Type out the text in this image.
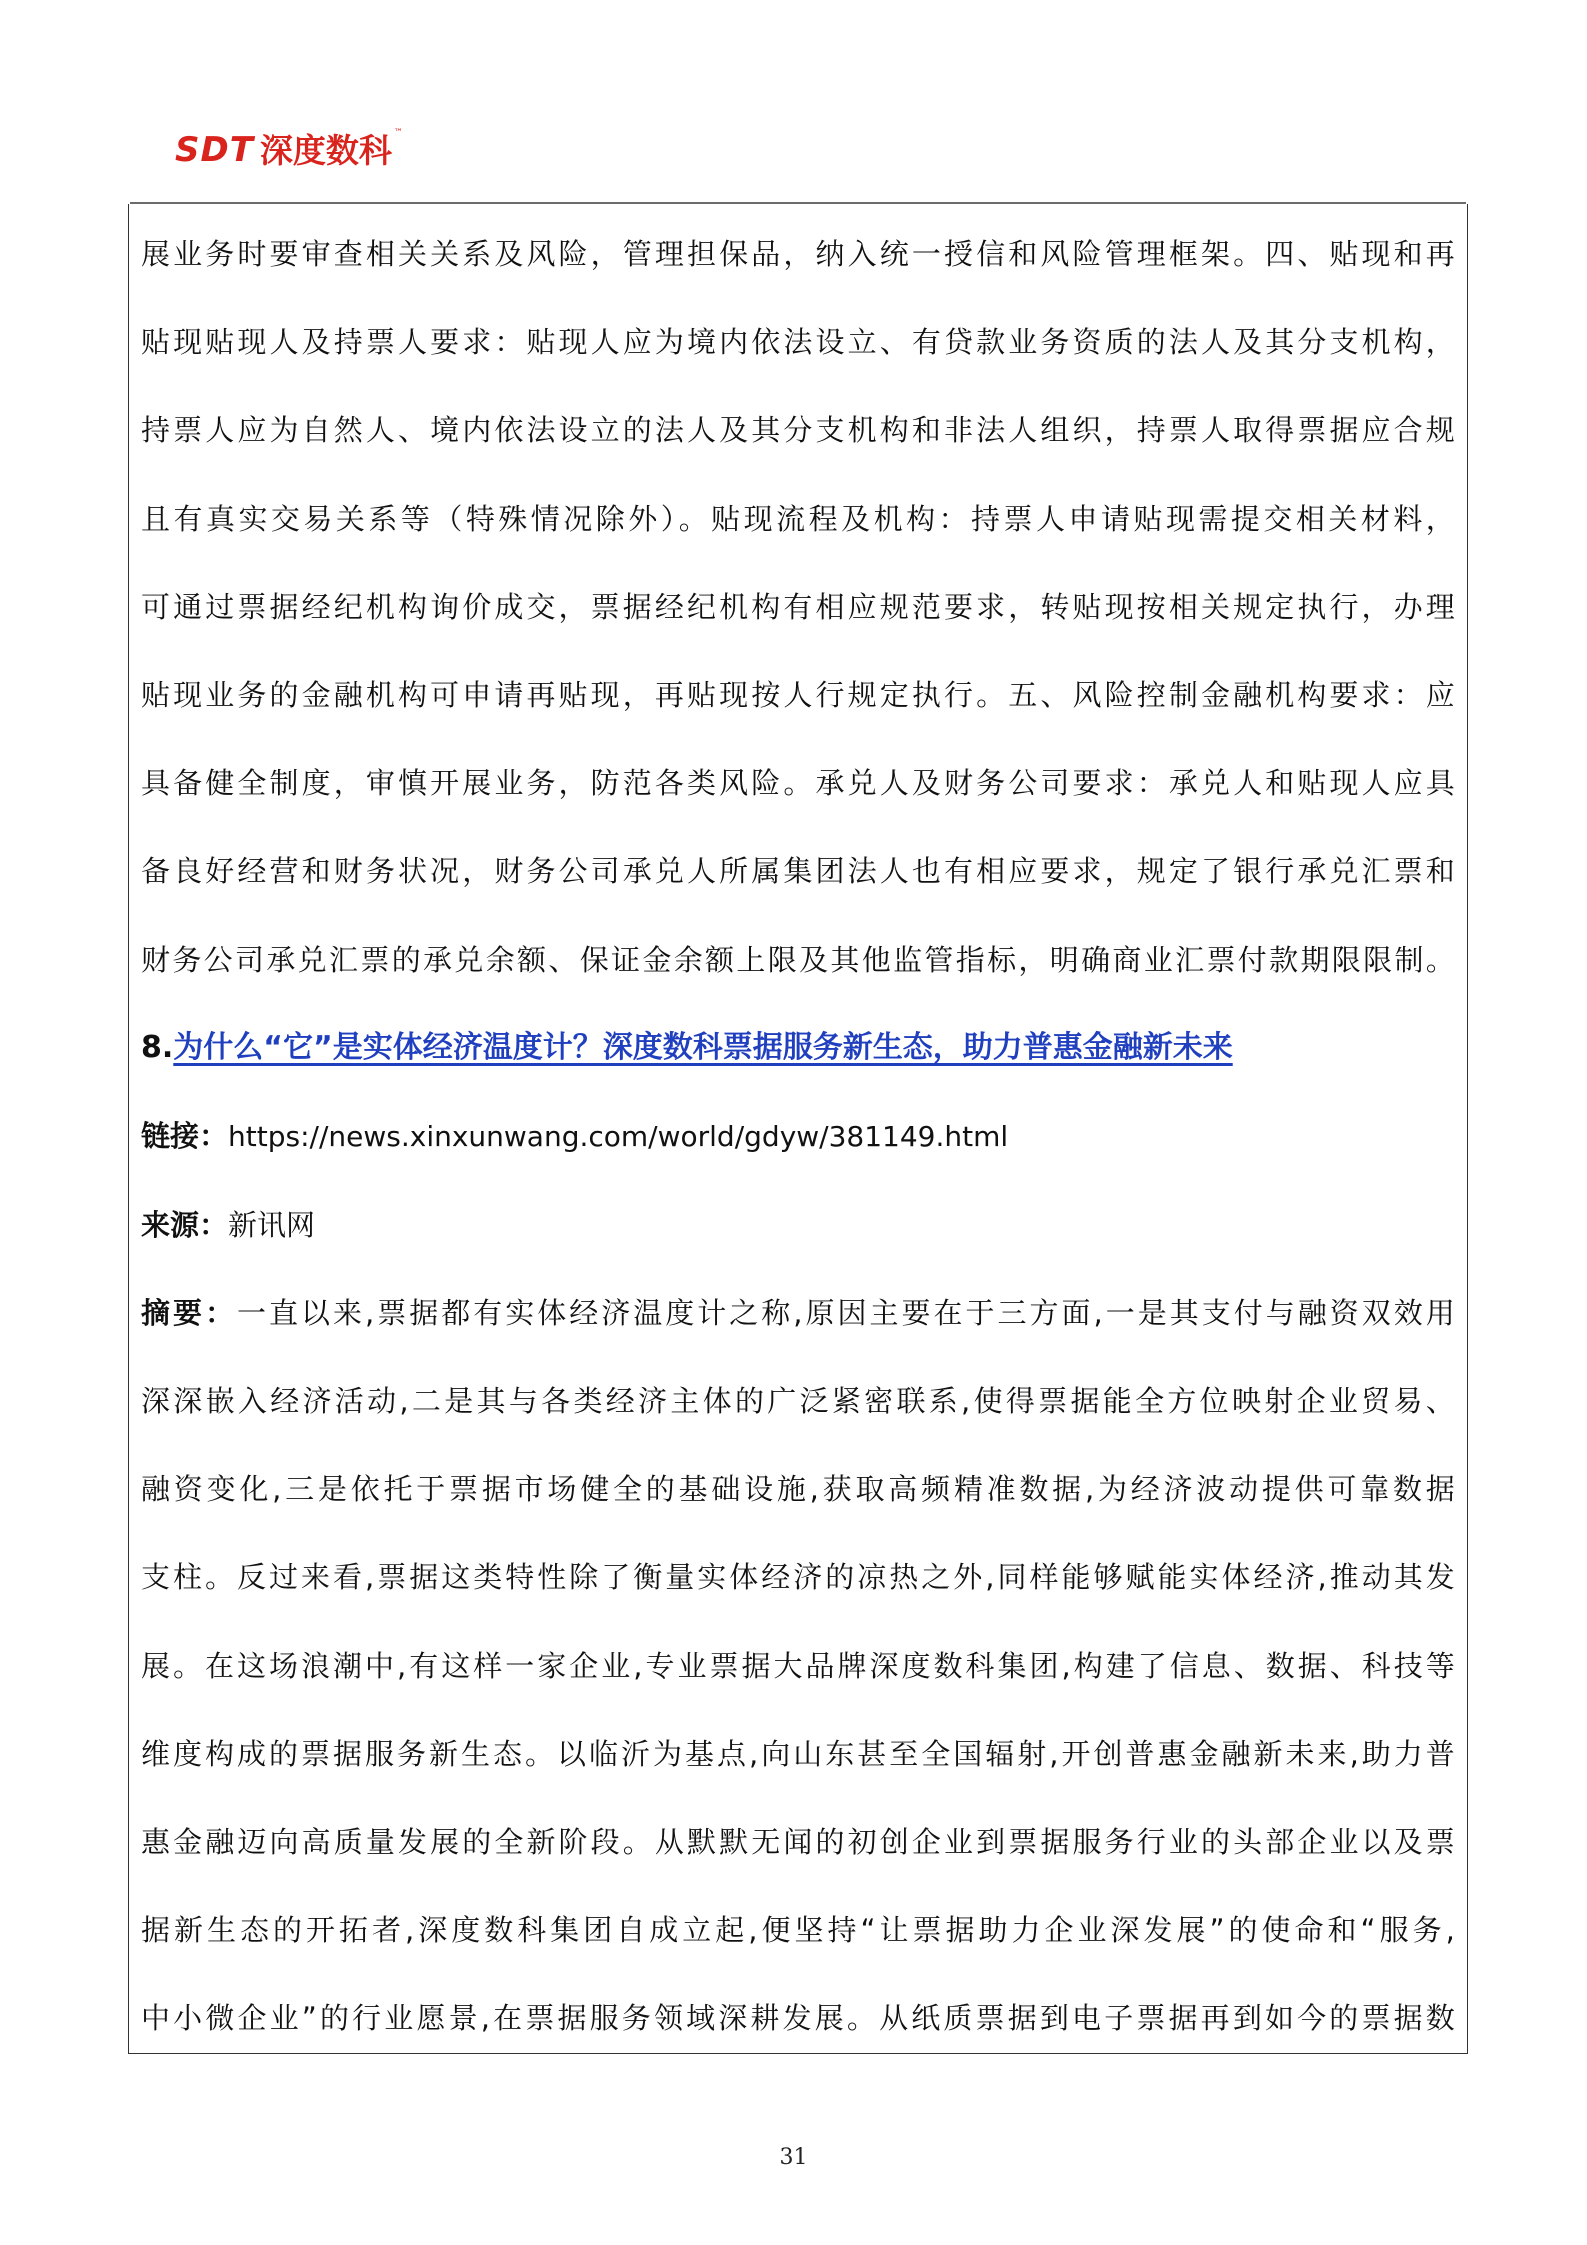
SDT 深度数科 ™

展业务时要审查相关关系及风险，管理担保品，纳入统一授信和风险管理框架。四、贴现和再

贴现贴现人及持票人要求：贴现人应为境内依法设立、有贷款业务资质的法人及其分支机构，

持票人应为自然人、境内依法设立的法人及其分支机构和非法人组织，持票人取得票据应合规

且有真实交易关系等（特殊情况除外）。贴现流程及机构：持票人申请贴现需提交相关材料，

可通过票据经纪机构询价成交，票据经纪机构有相应规范要求，转贴现按相关规定执行，办理

贴现业务的金融机构可申请再贴现，再贴现按人行规定执行。五、风险控制金融机构要求：应

具备健全制度，审慎开展业务，防范各类风险。承兑人及财务公司要求：承兑人和贴现人应具

备良好经营和财务状况，财务公司承兑人所属集团法人也有相应要求，规定了银行承兑汇票和

财务公司承兑汇票的承兑余额、保证金余额上限及其他监管指标，明确商业汇票付款期限限制。

8.为什么“它”是实体经济温度计？深度数科票据服务新生态，助力普惠金融新未来

链接：https://news.xinxunwang.com/world/gdyw/381149.html

来源：新讯网

摘要：一直以来,票据都有实体经济温度计之称,原因主要在于三方面,一是其支付与融资双效用

深深嵌入经济活动,二是其与各类经济主体的广泛紧密联系,使得票据能全方位映射企业贸易、

融资变化,三是依托于票据市场健全的基础设施,获取高频精准数据,为经济波动提供可靠数据

支柱。反过来看,票据这类特性除了衡量实体经济的凉热之外,同样能够赋能实体经济,推动其发

展。在这场浪潮中,有这样一家企业,专业票据大品牌深度数科集团,构建了信息、数据、科技等

维度构成的票据服务新生态。以临沂为基点,向山东甚至全国辐射,开创普惠金融新未来,助力普

惠金融迈向高质量发展的全新阶段。从默默无闻的初创企业到票据服务行业的头部企业以及票

据新生态的开拓者,深度数科集团自成立起,便坚持“让票据助力企业深发展”的使命和“服务,

中小微企业”的行业愿景,在票据服务领域深耕发展。从纸质票据到电子票据再到如今的票据数

31
